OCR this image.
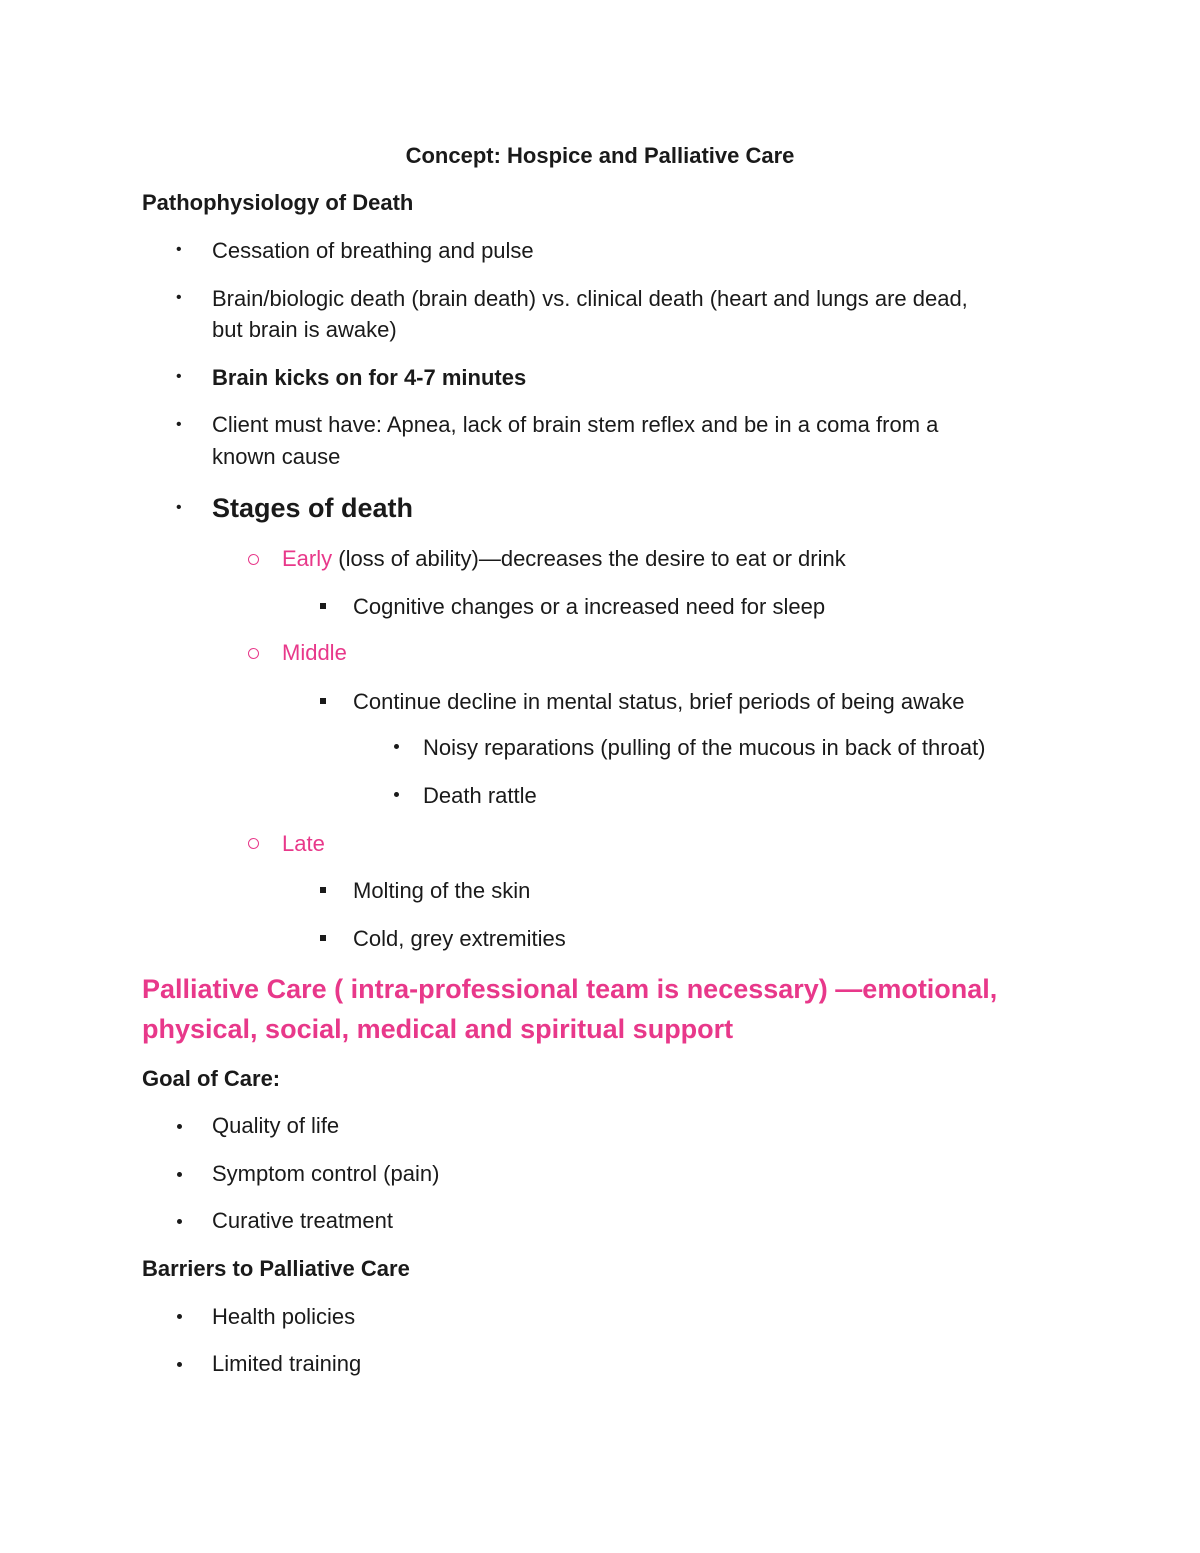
Concept: Hospice and Palliative Care
Pathophysiology of Death
• Cessation of breathing and pulse
• Brain/biologic death (brain death) vs. clinical death (heart and lungs are dead,
but brain is awake)
• Brain kicks on for 4-7 minutes
• Client must have: Apnea, lack of brain stem reflex and be in a coma from a
known cause
• Stages of death
Early (loss of ability)—decreases the desire to eat or drink
Cognitive changes or a increased need for sleep
Middle
Continue decline in mental status, brief periods of being awake
Noisy reparations (pulling of the mucous in back of throat)
Death rattle
Late
Molting of the skin
Cold, grey extremities
Palliative Care ( intra-professional team is necessary) —emotional,
physical, social, medical and spiritual support
Goal of Care:
Quality of life
Symptom control (pain)
Curative treatment
Barriers to Palliative Care
Health policies
Limited training
